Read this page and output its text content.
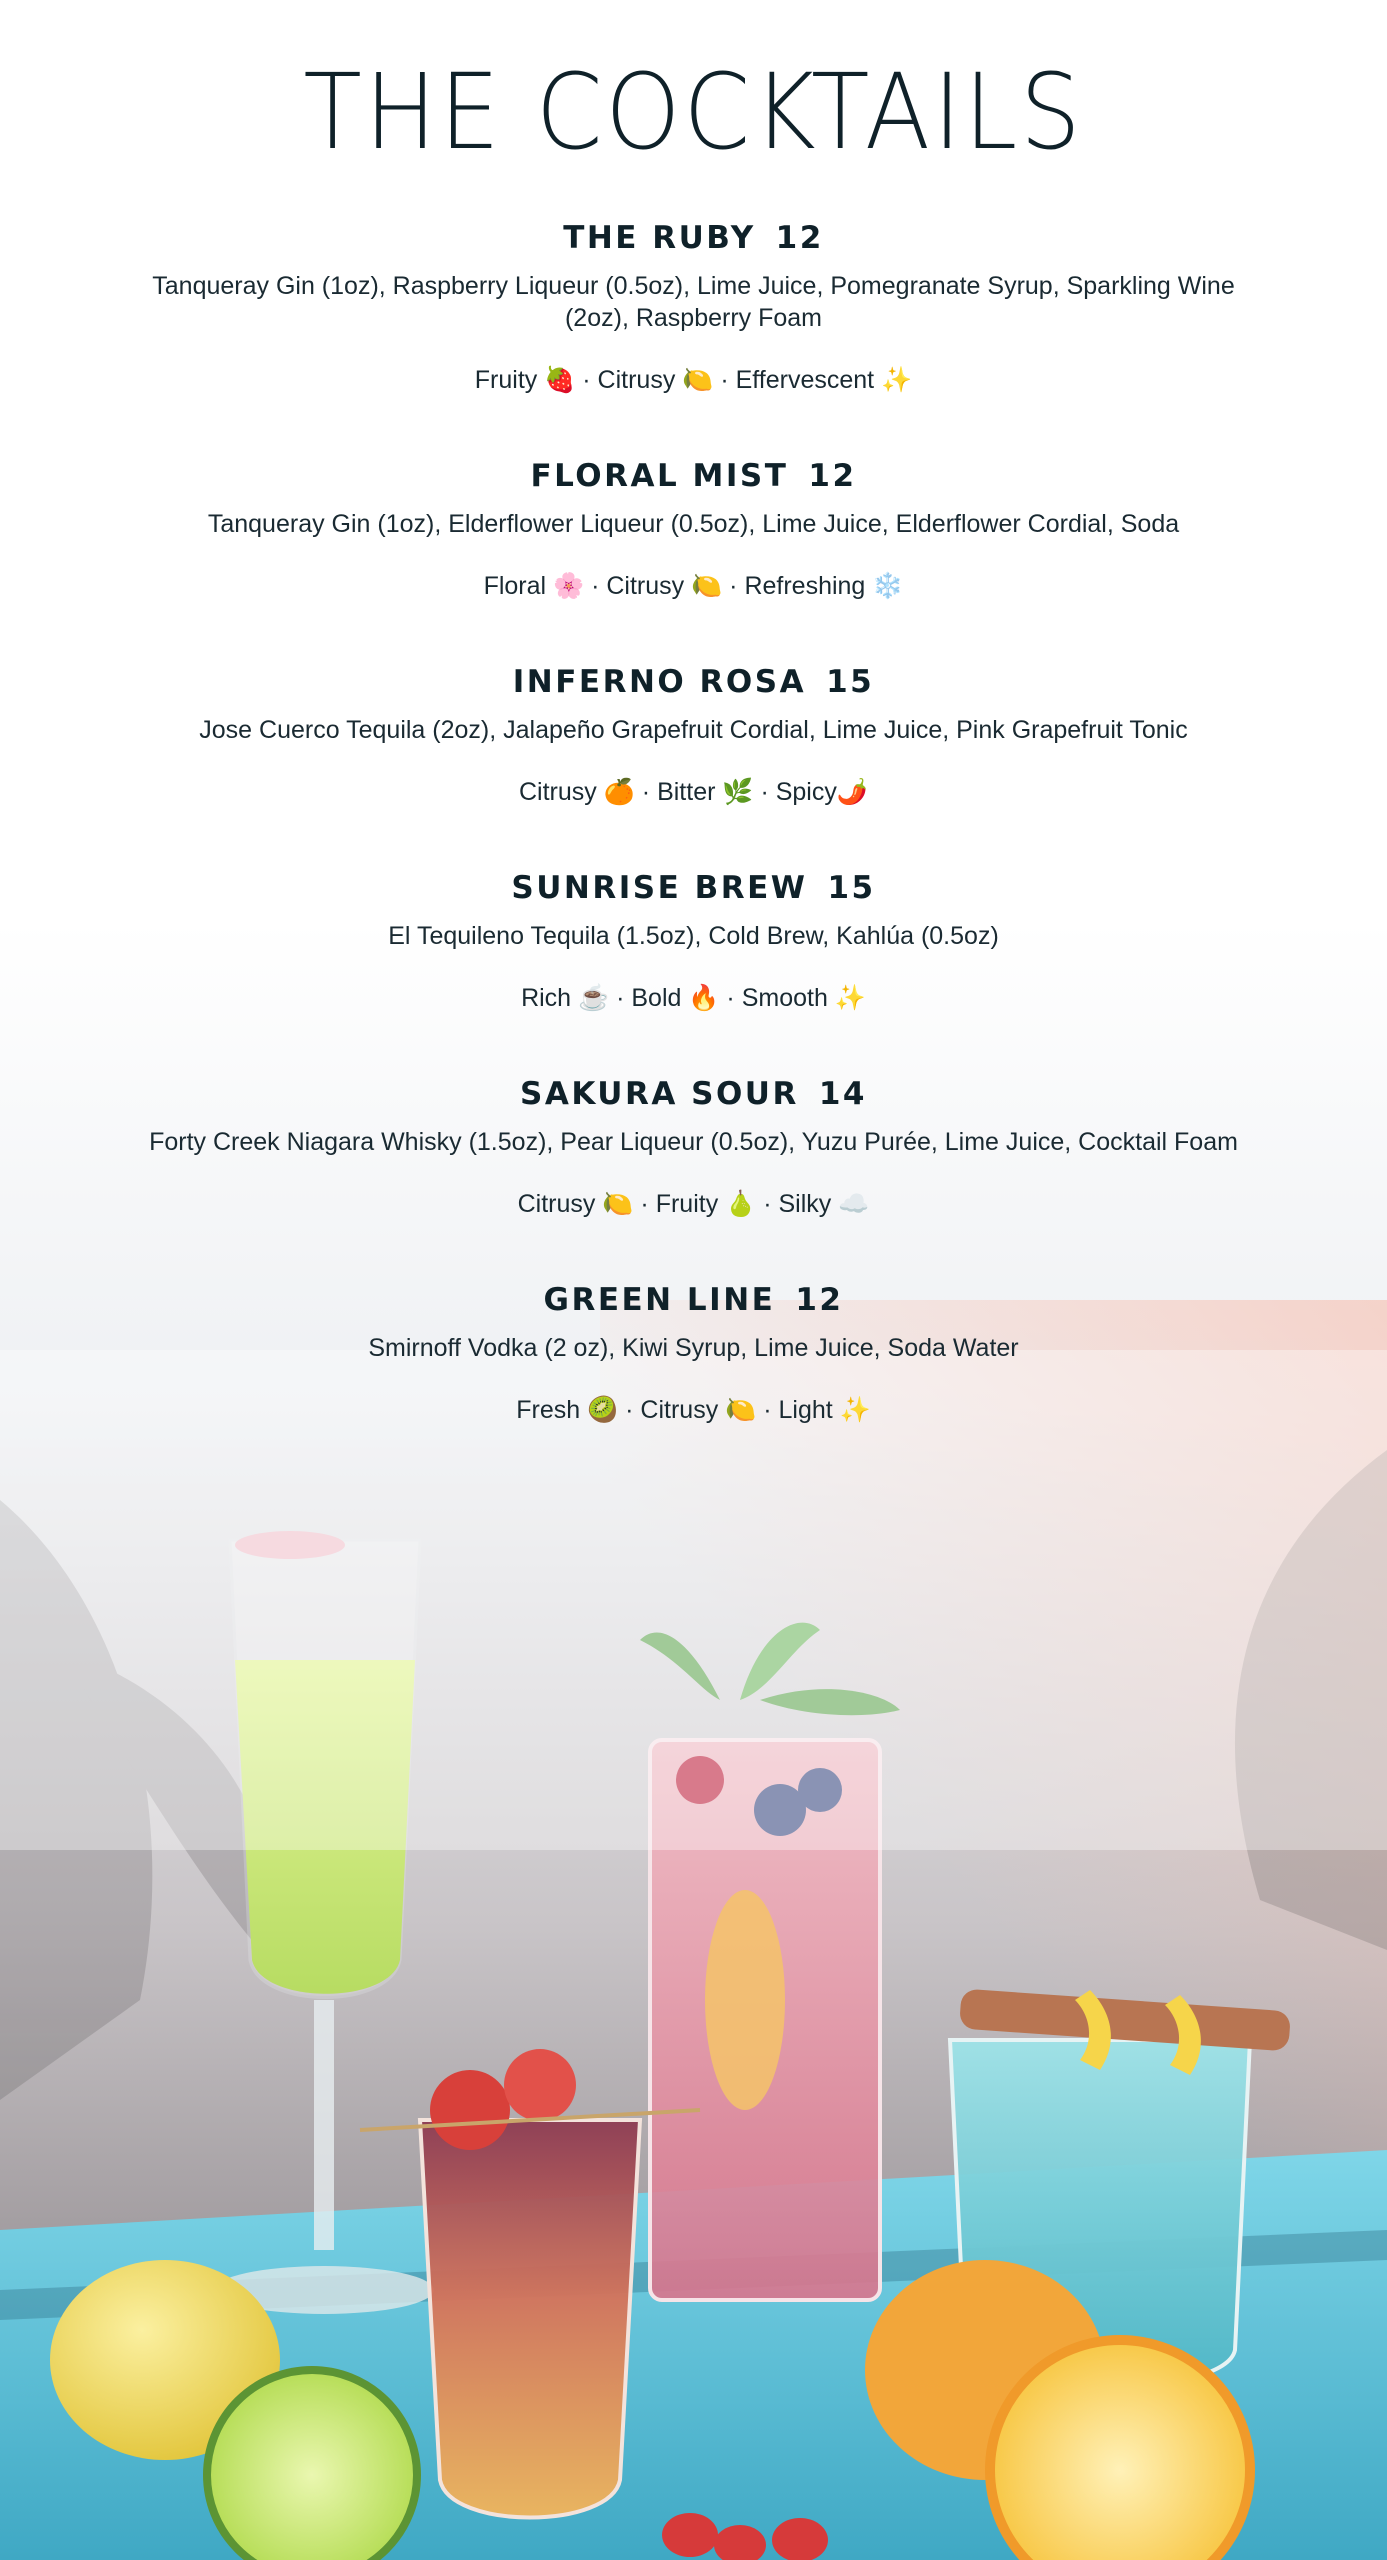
THE COCKTAILS
THE RUBY 12
Tanqueray Gin (1oz), Raspberry Liqueur (0.5oz), Lime Juice, Pomegranate Syrup, Sparkling Wine (2oz), Raspberry Foam
Fruity 🍓 · Citrusy 🍋 · Effervescent ✨
FLORAL MIST 12
Tanqueray Gin (1oz), Elderflower Liqueur (0.5oz), Lime Juice, Elderflower Cordial, Soda
Floral 🌸 · Citrusy 🍋 · Refreshing ❄️
INFERNO ROSA 15
Jose Cuerco Tequila (2oz), Jalapeño Grapefruit Cordial, Lime Juice, Pink Grapefruit Tonic
Citrusy 🍊 · Bitter 🌿 · Spicy🌶️
SUNRISE BREW 15
El Tequileno Tequila (1.5oz), Cold Brew, Kahlúa (0.5oz)
Rich ☕ · Bold 🔥 · Smooth ✨
SAKURA SOUR 14
Forty Creek Niagara Whisky (1.5oz), Pear Liqueur (0.5oz), Yuzu Purée, Lime Juice, Cocktail Foam
Citrusy 🍋 · Fruity 🍐 · Silky ☁️
GREEN LINE 12
Smirnoff Vodka (2 oz), Kiwi Syrup, Lime Juice, Soda Water
Fresh 🥝 · Citrusy 🍋 · Light ✨
